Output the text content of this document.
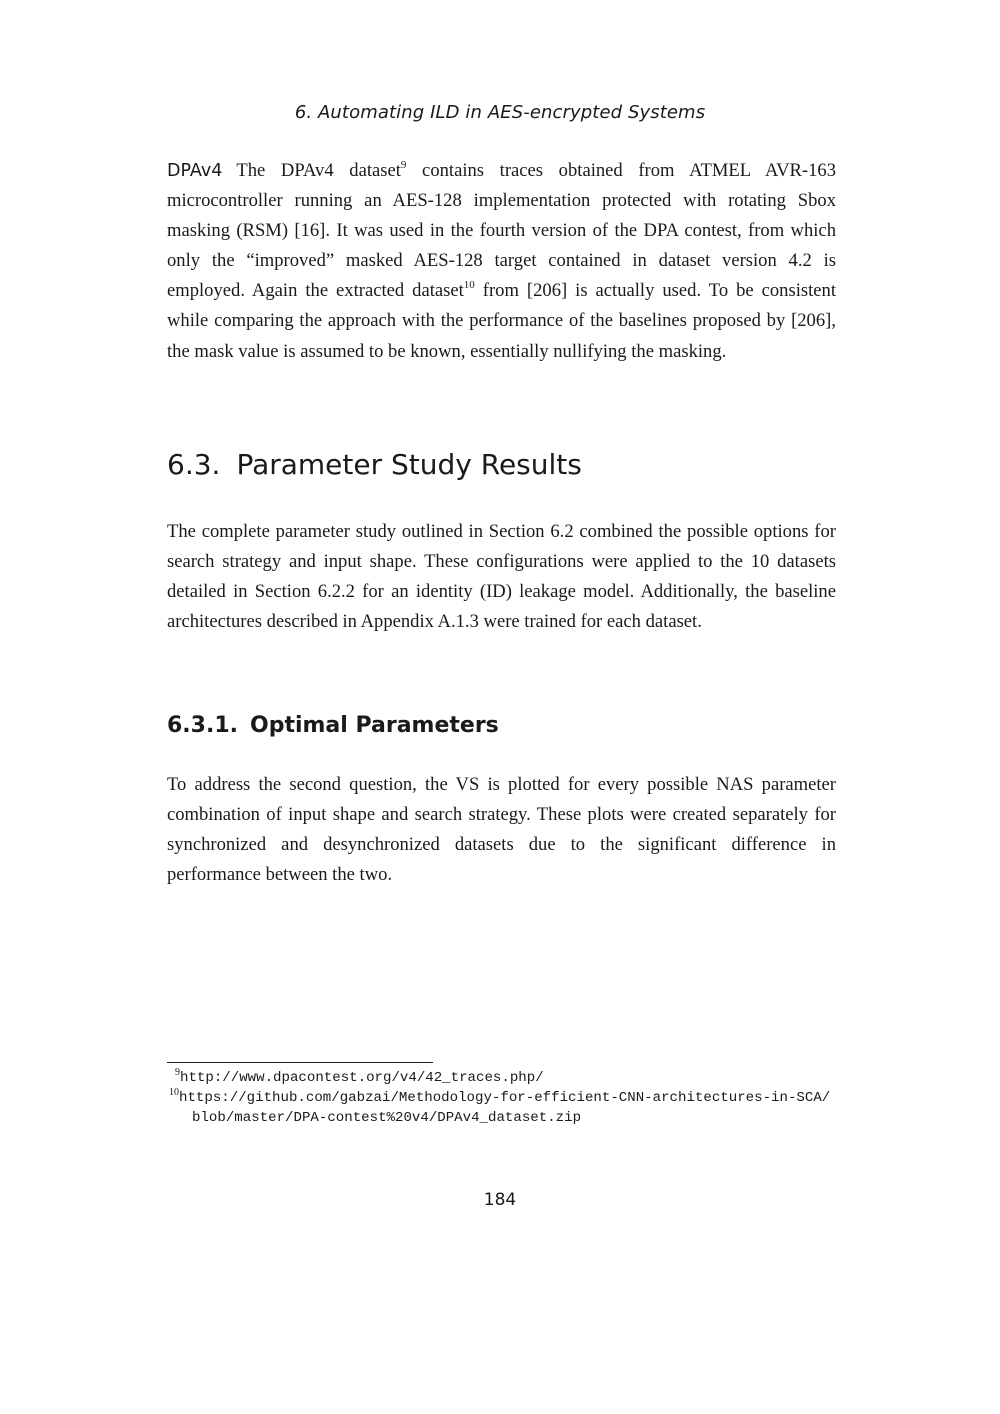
6. Automating ILD in AES-encrypted Systems

DPAv4 The DPAv4 dataset$^9$ contains traces obtained from ATMEL AVR-163 microcontroller running an AES-128 implementation protected with rotating Sbox masking (RSM) [16]. It was used in the fourth version of the DPA contest, from which only the “improved” masked AES-128 target contained in dataset version 4.2 is employed. Again the extracted dataset$^{10}$ from [206] is actually used. To be consistent while comparing the approach with the performance of the baselines proposed by [206], the mask value is assumed to be known, essentially nullifying the masking.

6.3. Parameter Study Results

The complete parameter study outlined in Section 6.2 combined the possible options for search strategy and input shape. These configurations were applied to the 10 datasets detailed in Section 6.2.2 for an identity (ID) leakage model. Additionally, the baseline architectures described in Appendix A.1.3 were trained for each dataset.

6.3.1. Optimal Parameters

To address the second question, the VS is plotted for every possible NAS parameter combination of input shape and search strategy. These plots were created separately for synchronized and desynchronized datasets due to the significant difference in performance between the two.

$^9$http://www.dpacontest.org/v4/42_traces.php/
$^{10}$https://github.com/gabzai/Methodology-for-efficient-CNN-architectures-in-SCA/
blob/master/DPA-contest%20v4/DPAv4_dataset.zip
184
